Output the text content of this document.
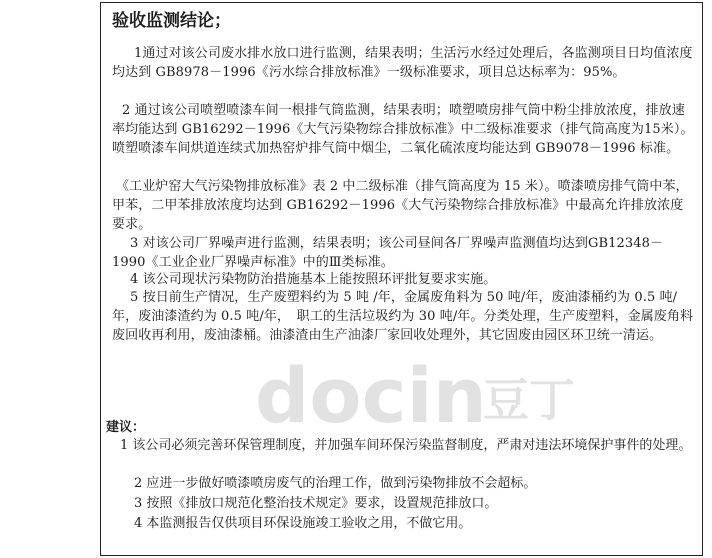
验收监测结论；

1通过对该公司废水排水放口进行监测，结果表明；生活污水经过处理后，各监测项目日均值浓度均达到 GB8978－1996《污水综合排放标准》一级标准要求，项目总达标率为：95%。

2 通过该公司喷塑喷漆车间一根排气筒监测，结果表明；喷塑喷房排气筒中粉尘排放浓度，排放速率均能达到 GB16292－1996《大气污染物综合排放标准》中二级标准要求（排气筒高度为15米）。喷塑喷漆车间烘道连续式加热窑炉排气筒中烟尘，二氧化硫浓度均能达到 GB9078－1996 标准。

《工业炉窑大气污染物排放标准》表 2 中二级标准（排气筒高度为 15 米）。喷漆喷房排气筒中苯，甲苯，二甲苯排放浓度均达到 GB16292－1996《大气污染物综合排放标准》中最高允许排放浓度要求。

3 对该公司厂界噪声进行监测，结果表明；该公司昼间各厂界噪声监测值均达到GB12348－1990《工业企业厂界噪声标准》中的Ⅲ类标准。

4 该公司现状污染物防治措施基本上能按照环评批复要求实施。

5 按日前生产情况，生产废塑料约为 5 吨 /年，金属废角料为 50 吨/年，废油漆桶约为 0.5 吨/年，废油漆渣约为 0.5 吨/年，　职工的生活垃圾约为 30 吨/年。分类处理，生产废塑料，金属废角料废回收再利用，废油漆桶。油漆渣由生产油漆厂家回收处理外，其它固废由园区环卫统一清运。

docin
豆丁
建议：

1 该公司必须完善环保管理制度，并加强车间环保污染监督制度，严肃对违法环境保护事件的处理。

2 应进一步做好喷漆喷房废气的治理工作，做到污染物排放不会超标。

3 按照《排放口规范化整治技术规定》要求，设置规范排放口。

4 本监测报告仅供项目环保设施竣工验收之用，不做它用。
